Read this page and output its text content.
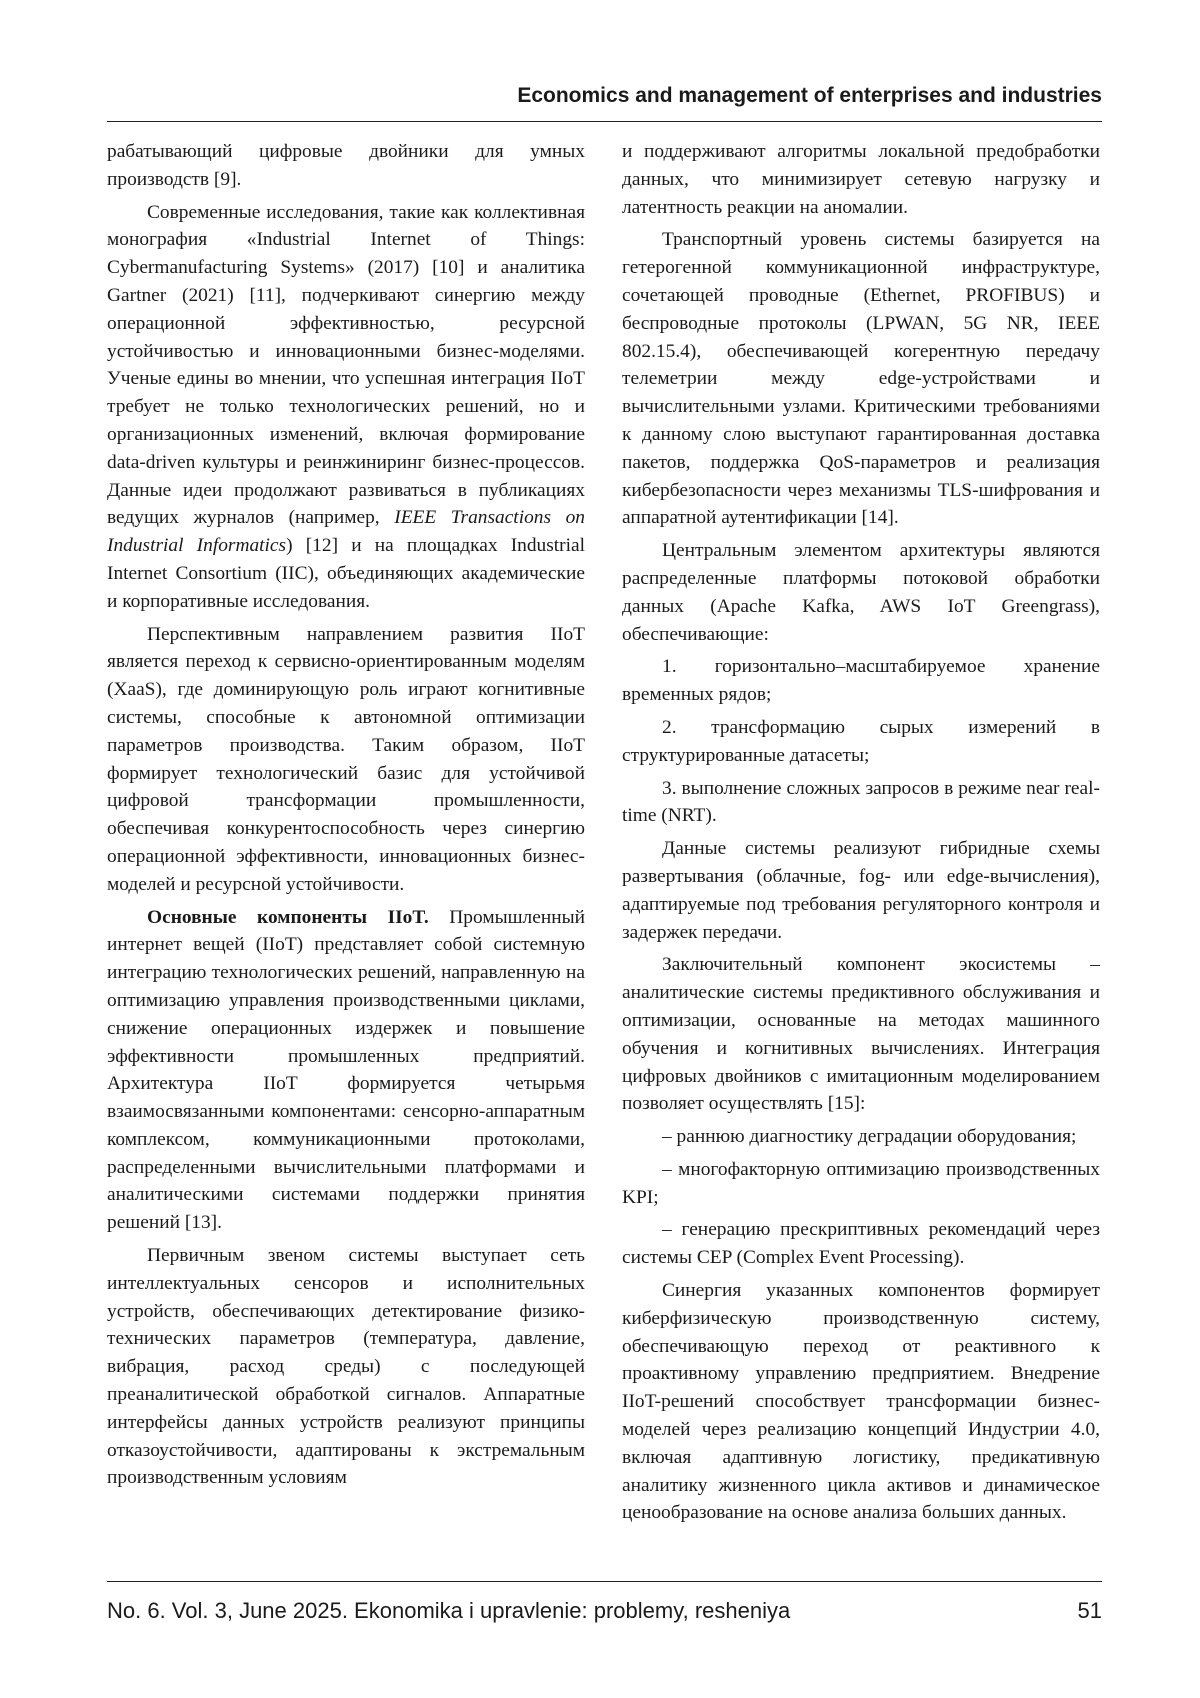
Economics and management of enterprises and industries

рабатывающий цифровые двойники для умных производств [9].

Современные исследования, такие как коллективная монография «Industrial Internet of Things: Cybermanufacturing Systems» (2017) [10] и аналитика Gartner (2021) [11], подчеркивают синергию между операционной эффективностью, ресурсной устойчивостью и инновационными бизнес-моделями. Ученые едины во мнении, что успешная интеграция IIoT требует не только технологических решений, но и организационных изменений, включая формирование data-driven культуры и реинжиниринг бизнес-процессов. Данные идеи продолжают развиваться в публикациях ведущих журналов (например, IEEE Transactions on Industrial Informatics) [12] и на площадках Industrial Internet Consortium (IIC), объединяющих академические и корпоративные исследования.

Перспективным направлением развития IIoT является переход к сервисно-ориентированным моделям (XaaS), где доминирующую роль играют когнитивные системы, способные к автономной оптимизации параметров производства. Таким образом, IIoT формирует технологический базис для устойчивой цифровой трансформации промышленности, обеспечивая конкурентоспособность через синергию операционной эффективности, инновационных бизнес-моделей и ресурсной устойчивости.

Основные компоненты IIoT. Промышленный интернет вещей (IIoT) представляет собой системную интеграцию технологических решений, направленную на оптимизацию управления производственными циклами, снижение операционных издержек и повышение эффективности промышленных предприятий. Архитектура IIoT формируется четырьмя взаимосвязанными компонентами: сенсорно-аппаратным комплексом, коммуникационными протоколами, распределенными вычислительными платформами и аналитическими системами поддержки принятия решений [13].

Первичным звеном системы выступает сеть интеллектуальных сенсоров и исполнительных устройств, обеспечивающих детектирование физико-технических параметров (температура, давление, вибрация, расход среды) с последующей преаналитической обработкой сигналов. Аппаратные интерфейсы данных устройств реализуют принципы отказоустойчивости, адаптированы к экстремальным производственным условиям

и поддерживают алгоритмы локальной предобработки данных, что минимизирует сетевую нагрузку и латентность реакции на аномалии.

Транспортный уровень системы базируется на гетерогенной коммуникационной инфраструктуре, сочетающей проводные (Ethernet, PROFIBUS) и беспроводные протоколы (LPWAN, 5G NR, IEEE 802.15.4), обеспечивающей когерентную передачу телеметрии между edge-устройствами и вычислительными узлами. Критическими требованиями к данному слою выступают гарантированная доставка пакетов, поддержка QoS-параметров и реализация кибербезопасности через механизмы TLS-шифрования и аппаратной аутентификации [14].

Центральным элементом архитектуры являются распределенные платформы потоковой обработки данных (Apache Kafka, AWS IoT Greengrass), обеспечивающие:

1. горизонтально–масштабируемое хранение временных рядов;

2. трансформацию сырых измерений в структурированные датасеты;

3. выполнение сложных запросов в режиме near real-time (NRT).

Данные системы реализуют гибридные схемы развертывания (облачные, fog- или edge-вычисления), адаптируемые под требования регуляторного контроля и задержек передачи.

Заключительный компонент экосистемы – аналитические системы предиктивного обслуживания и оптимизации, основанные на методах машинного обучения и когнитивных вычислениях. Интеграция цифровых двойников с имитационным моделированием позволяет осуществлять [15]:

– раннюю диагностику деградации оборудования;

– многофакторную оптимизацию производственных KPI;

– генерацию прескриптивных рекомендаций через системы CEP (Complex Event Processing).

Синергия указанных компонентов формирует киберфизическую производственную систему, обеспечивающую переход от реактивного к проактивному управлению предприятием. Внедрение IIoT-решений способствует трансформации бизнес-моделей через реализацию концепций Индустрии 4.0, включая адаптивную логистику, предикативную аналитику жизненного цикла активов и динамическое ценообразование на основе анализа больших данных.

No. 6. Vol. 3, June 2025. Ekonomika i upravlenie: problemy, resheniya	51
